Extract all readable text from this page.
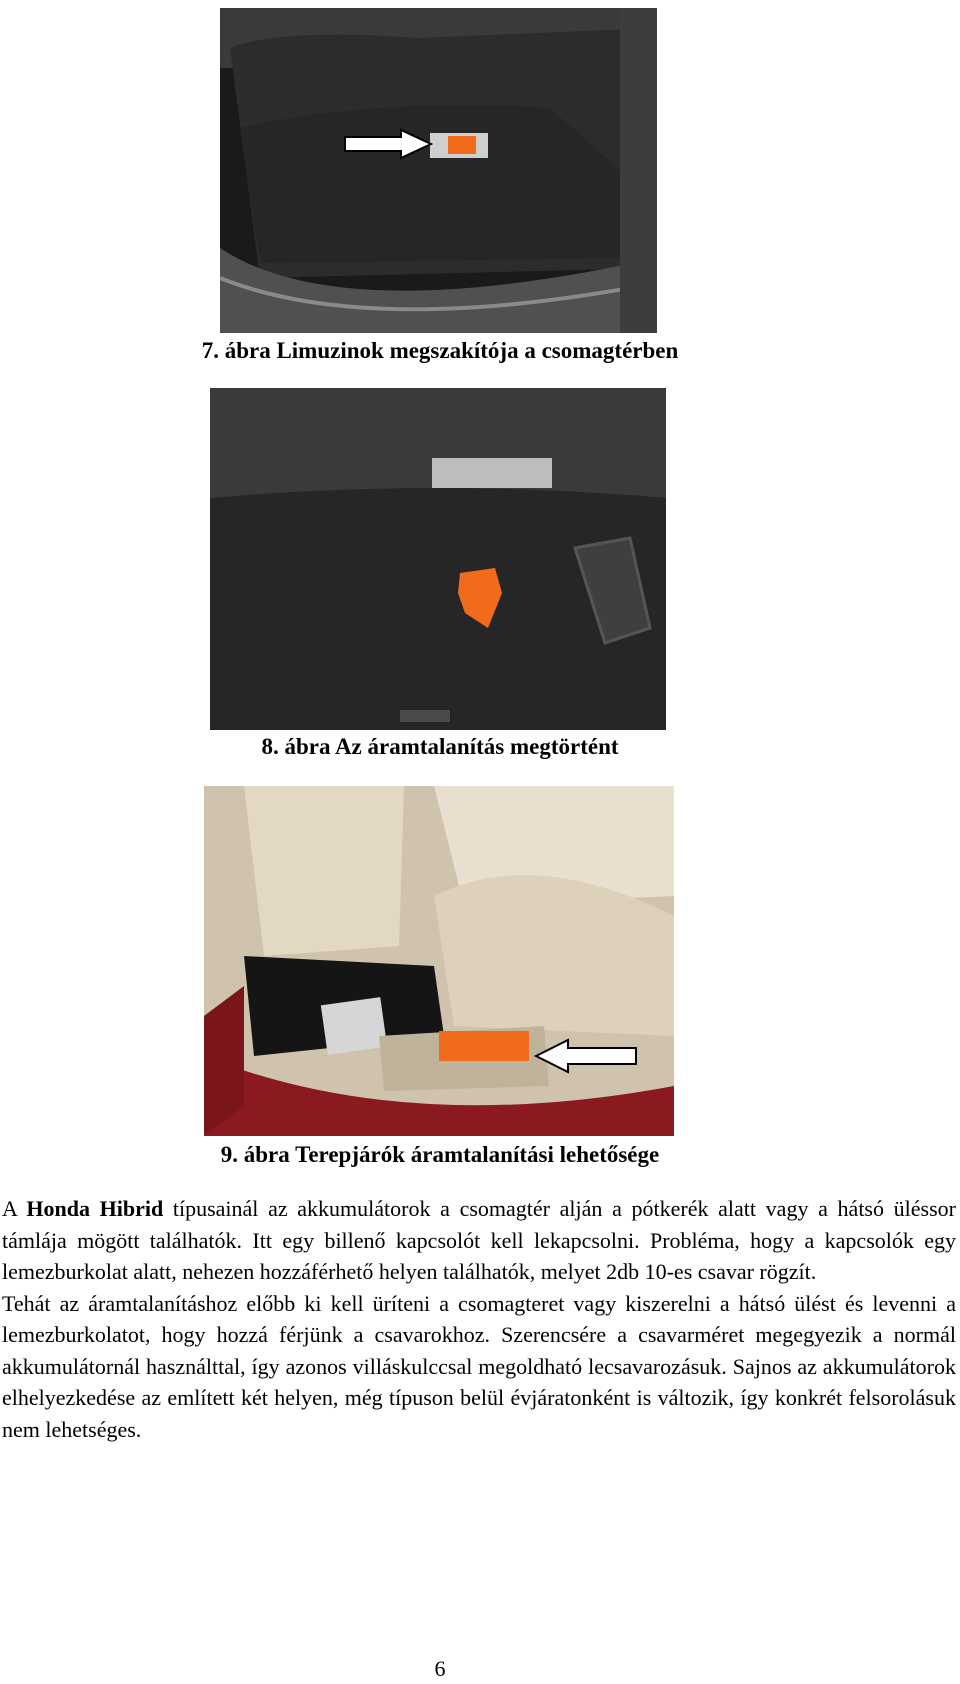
7. ábra Limuzinok megszakítója a csomagtérben
8. ábra Az áramtalanítás megtörtént
9. ábra Terepjárók áramtalanítási lehetősége

A Honda Hibrid típusainál az akkumulátorok a csomagtér alján a pótkerék alatt vagy a hátsó üléssor támlája mögött találhatók. Itt egy billenő kapcsolót kell lekapcsolni. Probléma, hogy a kapcsolók egy lemezburkolat alatt, nehezen hozzáférhető helyen találhatók, melyet 2db 10-es csavar rögzít.

Tehát az áramtalanításhoz előbb ki kell üríteni a csomagteret vagy kiszerelni a hátsó ülést és levenni a lemezburkolatot, hogy hozzá férjünk a csavarokhoz. Szerencsére a csavarméret megegyezik a normál akkumulátornál használttal, így azonos villáskulccsal megoldható lecsavarozásuk. Sajnos az akkumulátorok elhelyezkedése az említett két helyen, még típuson belül évjáratonként is változik, így konkrét felsorolásuk nem lehetséges.

6
